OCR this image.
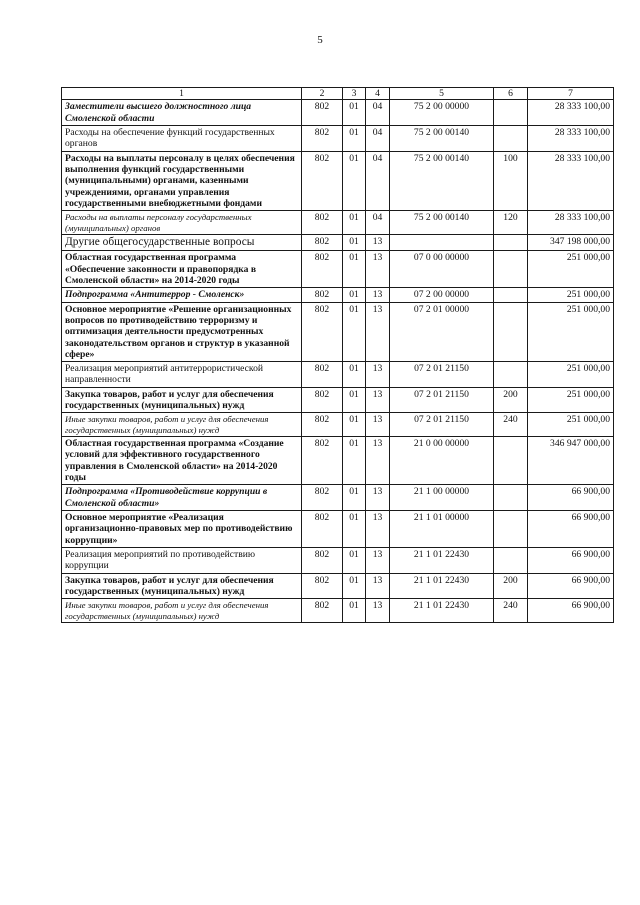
5
1	2	3	4	5	6	7
Заместители высшего должностного лица Смоленской области	802	01	04	75 2 00 00000		28 333 100,00
Расходы на обеспечение функций государственных органов	802	01	04	75 2 00 00140		28 333 100,00
Расходы на выплаты персоналу в целях обеспечения выполнения функций государственными (муниципальными) органами, казенными учреждениями, органами управления государственными внебюджетными фондами	802	01	04	75 2 00 00140	100	28 333 100,00
Расходы на выплаты персоналу государственных (муниципальных) органов	802	01	04	75 2 00 00140	120	28 333 100,00
Другие общегосударственные вопросы	802	01	13			347 198 000,00
Областная государственная программа «Обеспечение законности и правопорядка в Смоленской области» на 2014-2020 годы	802	01	13	07 0 00 00000		251 000,00
Подпрограмма «Антитеррор - Смоленск»	802	01	13	07 2 00 00000		251 000,00
Основное мероприятие «Решение организационных вопросов по противодействию терроризму и оптимизация деятельности предусмотренных законодательством органов и структур в указанной сфере»	802	01	13	07 2 01 00000		251 000,00
Реализация мероприятий антитеррористической направленности	802	01	13	07 2 01 21150		251 000,00
Закупка товаров, работ и услуг для обеспечения государственных (муниципальных) нужд	802	01	13	07 2 01 21150	200	251 000,00
Иные закупки товаров, работ и услуг для обеспечения государственных (муниципальных) нужд	802	01	13	07 2 01 21150	240	251 000,00
Областная государственная программа «Создание условий для эффективного государственного управления в Смоленской области» на 2014-2020 годы	802	01	13	21 0 00 00000		346 947 000,00
Подпрограмма «Противодействие коррупции в Смоленской области»	802	01	13	21 1 00 00000		66 900,00
Основное мероприятие «Реализация организационно-правовых мер по противодействию коррупции»	802	01	13	21 1 01 00000		66 900,00
Реализация мероприятий по противодействию коррупции	802	01	13	21 1 01 22430		66 900,00
Закупка товаров, работ и услуг для обеспечения государственных (муниципальных) нужд	802	01	13	21 1 01 22430	200	66 900,00
Иные закупки товаров, работ и услуг для обеспечения государственных (муниципальных) нужд	802	01	13	21 1 01 22430	240	66 900,00
